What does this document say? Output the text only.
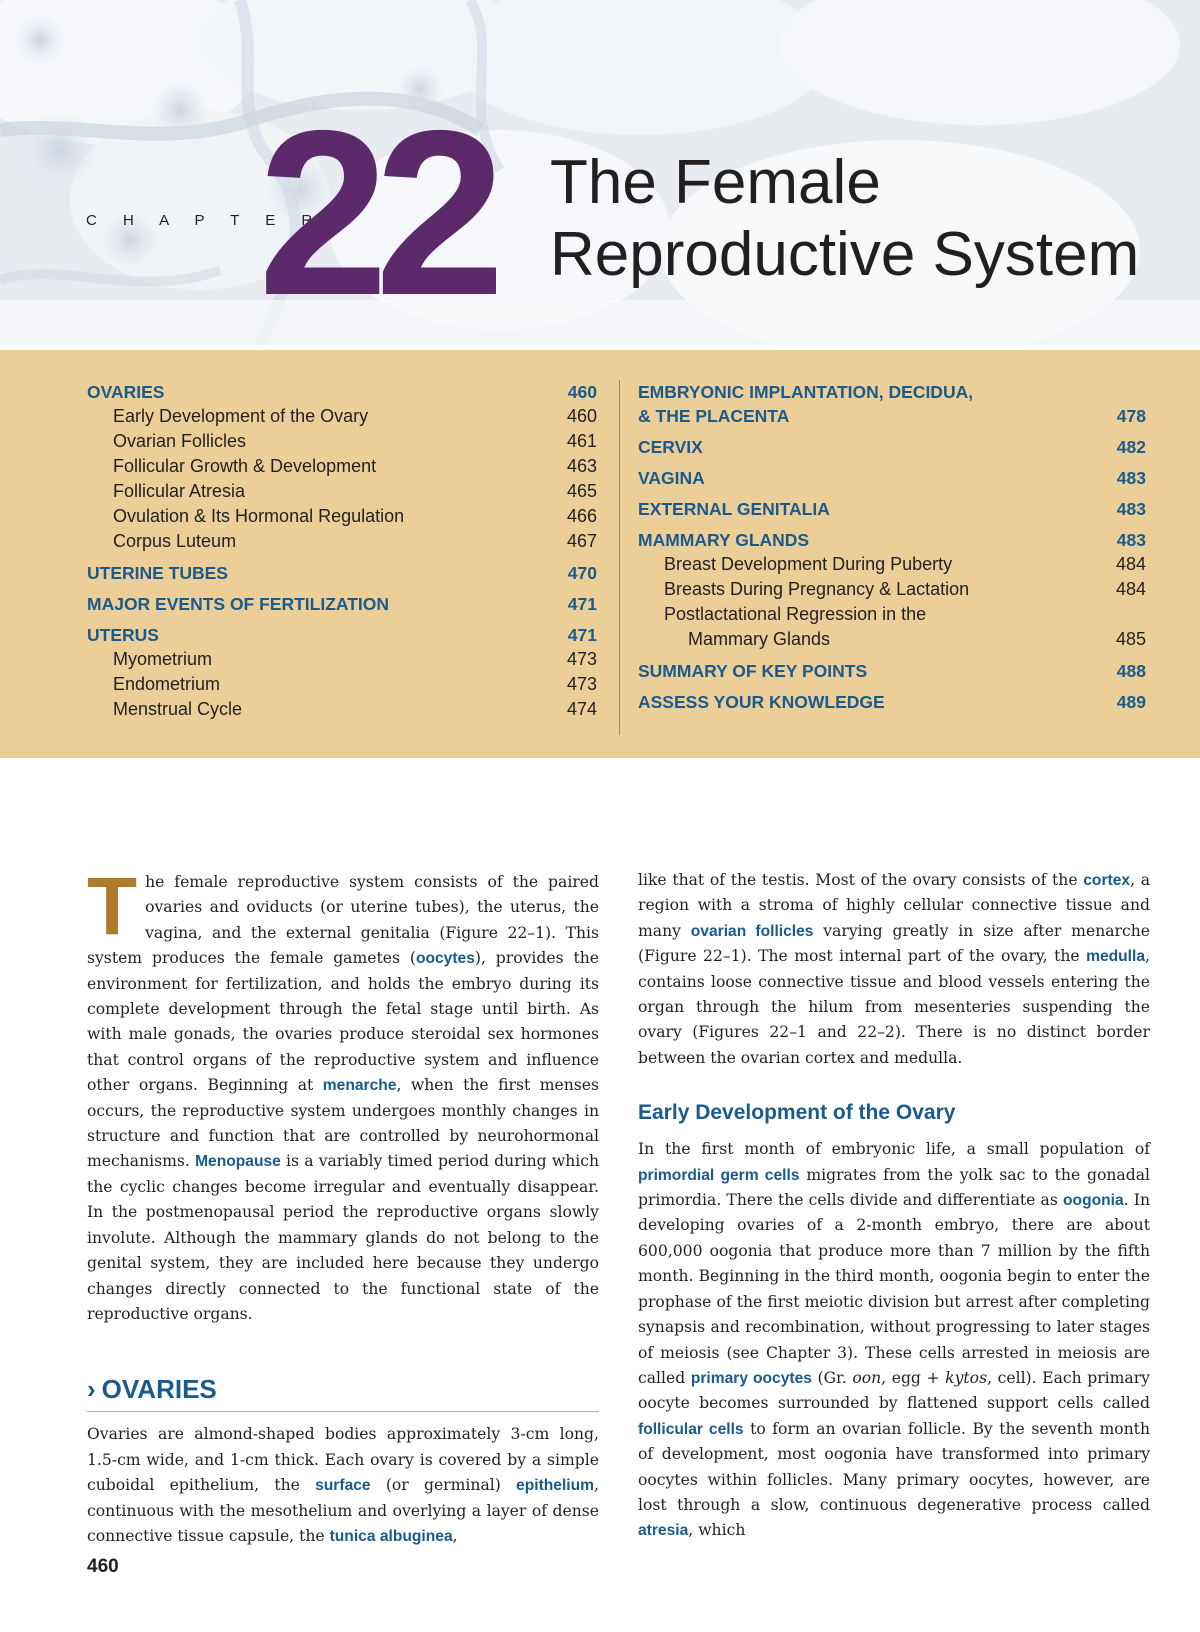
C H A P T E R
22 The Female
Reproductive System
OVARIES	460
Early Development of the Ovary	460
Ovarian Follicles	461
Follicular Growth & Development	463
Follicular Atresia	465
Ovulation & Its Hormonal Regulation	466
Corpus Luteum	467
UTERINE TUBES	470
MAJOR EVENTS OF FERTILIZATION	471
UTERUS	471
Myometrium	473
Endometrium	473
Menstrual Cycle	474
EMBRYONIC IMPLANTATION, DECIDUA,
& THE PLACENTA	478
CERVIX	482
VAGINA	483
EXTERNAL GENITALIA	483
MAMMARY GLANDS	483
Breast Development During Puberty	484
Breasts During Pregnancy & Lactation	484
Postlactational Regression in the
Mammary Glands	485
SUMMARY OF KEY POINTS	488
ASSESS YOUR KNOWLEDGE	489

The female reproductive system consists of the paired ovaries and oviducts (or uterine tubes), the uterus, the vagina, and the external genitalia (Figure 22–1). This system produces the female gametes (oocytes), provides the environment for fertilization, and holds the embryo during its complete development through the fetal stage until birth. As with male gonads, the ovaries produce steroidal sex hormones that control organs of the reproductive system and influence other organs. Beginning at menarche, when the first menses occurs, the reproductive system undergoes monthly changes in structure and function that are controlled by neurohormonal mechanisms. Menopause is a variably timed period during which the cyclic changes become irregular and eventually disappear. In the postmenopausal period the reproductive organs slowly involute. Although the mammary glands do not belong to the genital system, they are included here because they undergo changes directly connected to the functional state of the reproductive organs.

› OVARIES

Ovaries are almond-shaped bodies approximately 3-cm long, 1.5-cm wide, and 1-cm thick. Each ovary is covered by a simple cuboidal epithelium, the surface (or germinal) epithelium, continuous with the mesothelium and overlying a layer of dense connective tissue capsule, the tunica albuginea,

like that of the testis. Most of the ovary consists of the cortex, a region with a stroma of highly cellular connective tissue and many ovarian follicles varying greatly in size after menarche (Figure 22–1). The most internal part of the ovary, the medulla, contains loose connective tissue and blood vessels entering the organ through the hilum from mesenteries suspending the ovary (Figures 22–1 and 22–2). There is no distinct border between the ovarian cortex and medulla.

Early Development of the Ovary

In the first month of embryonic life, a small population of primordial germ cells migrates from the yolk sac to the gonadal primordia. There the cells divide and differentiate as oogonia. In developing ovaries of a 2-month embryo, there are about 600,000 oogonia that produce more than 7 million by the fifth month. Beginning in the third month, oogonia begin to enter the prophase of the first meiotic division but arrest after completing synapsis and recombination, without progressing to later stages of meiosis (see Chapter 3). These cells arrested in meiosis are called primary oocytes (Gr. oon, egg + kytos, cell). Each primary oocyte becomes surrounded by flattened support cells called follicular cells to form an ovarian follicle. By the seventh month of development, most oogonia have transformed into primary oocytes within follicles. Many primary oocytes, however, are lost through a slow, continuous degenerative process called atresia, which

460
